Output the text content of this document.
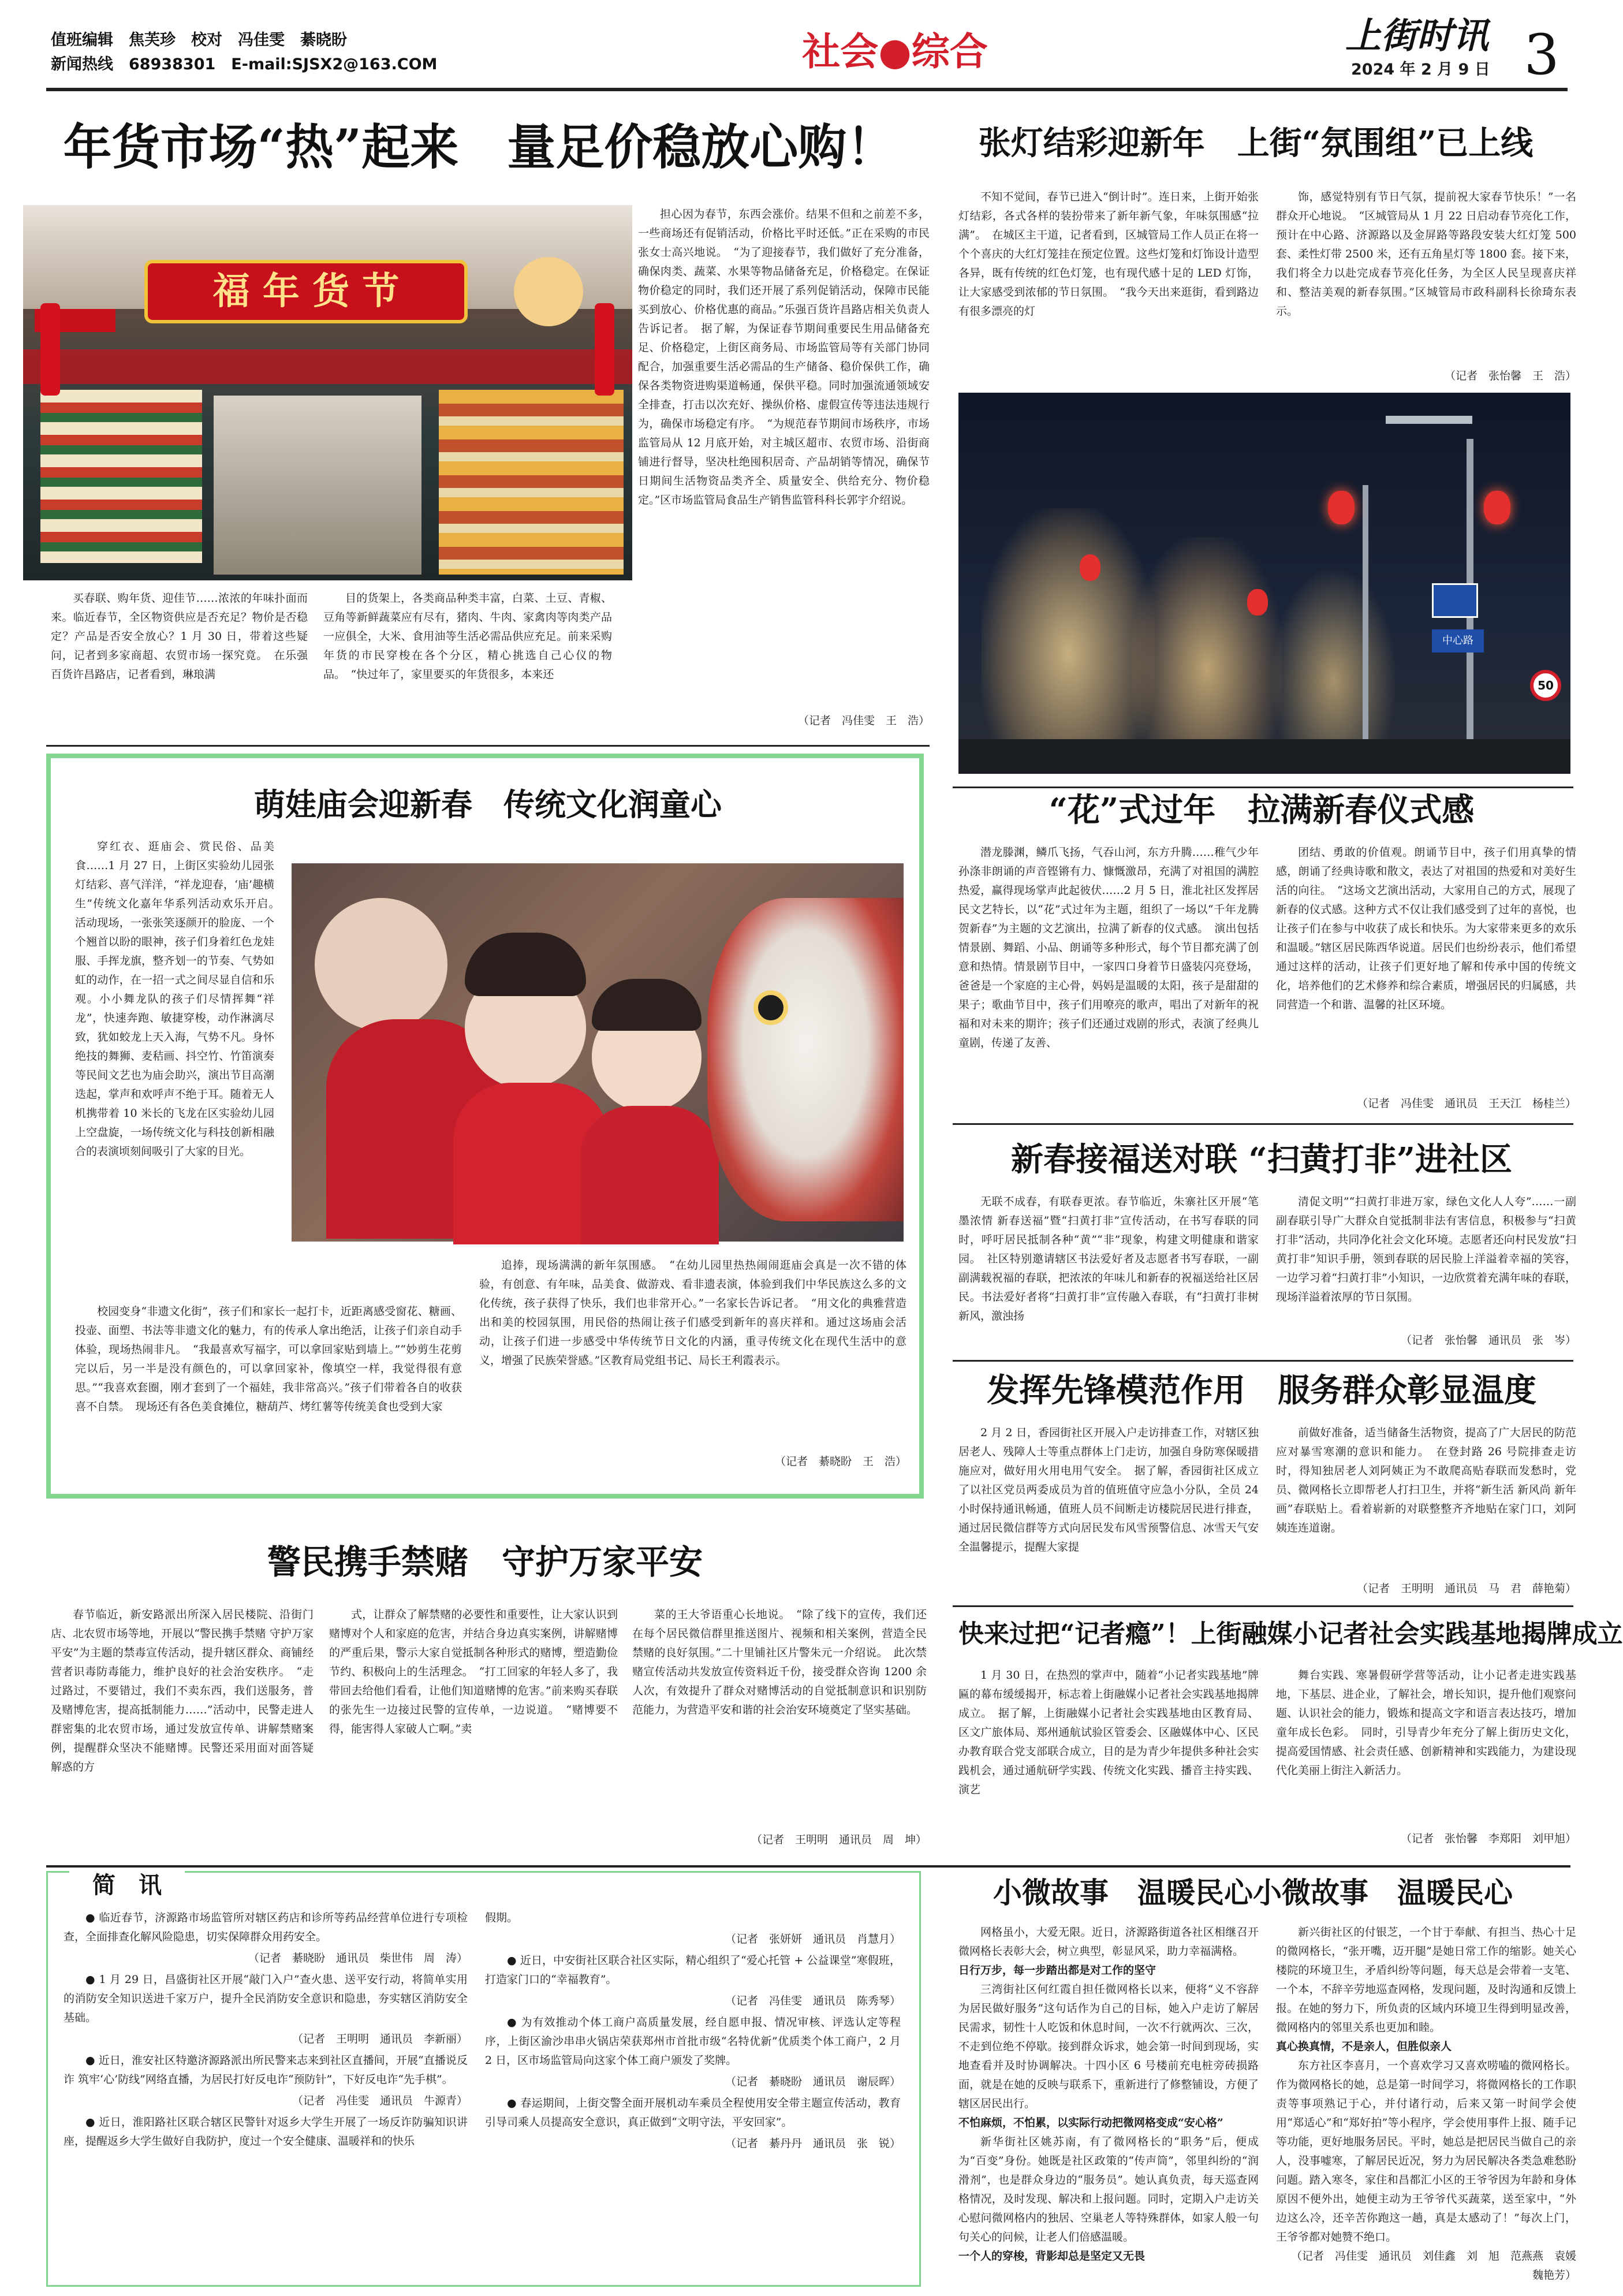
值班编辑　焦芙珍　校对　冯佳雯　綦晓盼
新闻热线　68938301　E-mail:SJSX2@163.COM	社会●综合	上街时讯 3
2024 年 2 月 9 日
年货市场“热”起来　量足价稳放心购！
福 年 货 节

买春联、购年货、迎佳节……浓浓的年味扑面而来。临近春节，全区物资供应是否充足？物价是否稳定？产品是否安全放心？1 月 30 日，带着这些疑问，记者到多家商超、农贸市场一探究竟。　在乐强百货许昌路店，记者看到，琳琅满

目的货架上，各类商品种类丰富，白菜、土豆、青椒、豆角等新鲜蔬菜应有尽有，猪肉、牛肉、家禽肉等肉类产品一应俱全，大米、食用油等生活必需品供应充足。前来采购年货的市民穿梭在各个分区，精心挑选自己心仪的物品。　“快过年了，家里要买的年货很多，本来还

担心因为春节，东西会涨价。结果不但和之前差不多，一些商场还有促销活动，价格比平时还低。”正在采购的市民张女士高兴地说。　“为了迎接春节，我们做好了充分准备，确保肉类、蔬菜、水果等物品储备充足，价格稳定。在保证物价稳定的同时，我们还开展了系列促销活动，保障市民能买到放心、价格优惠的商品。”乐强百货许昌路店相关负责人告诉记者。　据了解，为保证春节期间重要民生用品储备充足、价格稳定，上街区商务局、市场监管局等有关部门协同配合，加强重要生活必需品的生产储备、稳价保供工作，确保各类物资进购渠道畅通，保供平稳。同时加强流通领域安全排查，打击以次充好、操纵价格、虚假宣传等违法违规行为，确保市场稳定有序。　“为规范春节期间市场秩序，市场监管局从 12 月底开始，对主城区超市、农贸市场、沿街商铺进行督导，坚决杜绝囤积居奇、产品胡销等情况，确保节日期间生活物资品类齐全、质量安全、供给充分、物价稳定。”区市场监管局食品生产销售监管科科长郭宇介绍说。

（记者　冯佳雯　王　浩）
张灯结彩迎新年　上街“氛围组”已上线

不知不觉间，春节已进入“倒计时”。连日来，上街开始张灯结彩，各式各样的装扮带来了新年新气象，年味氛围感“拉满”。　在城区主干道，记者看到，区城管局工作人员正在将一个个喜庆的大红灯笼挂在预定位置。这些灯笼和灯饰设计造型各异，既有传统的红色灯笼，也有现代感十足的 LED 灯饰，让大家感受到浓郁的节日氛围。　“我今天出来逛街，看到路边有很多漂亮的灯

饰，感觉特别有节日气氛，提前祝大家春节快乐！”一名群众开心地说。　“区城管局从 1 月 22 日启动春节亮化工作，预计在中心路、济源路以及金屏路等路段安装大红灯笼 500 套、柔性灯带 2500 米，还有五角星灯等 1800 套。接下来，我们将全力以赴完成春节亮化任务，为全区人民呈现喜庆祥和、整洁美观的新春氛围。”区城管局市政科副科长徐琦东表示。

（记者　张怡馨　王　浩）
50
中心路
萌娃庙会迎新春　传统文化润童心

穿红衣、逛庙会、赏民俗、品美食……1 月 27 日，上街区实验幼儿园张灯结彩、喜气洋洋，“祥龙迎春，‘庙’趣横生”传统文化嘉年华系列活动欢乐开启。　活动现场，一张张笑逐颜开的脸庞、一个个翘首以盼的眼神，孩子们身着红色龙娃服、手挥龙旗，整齐划一的节奏、气势如虹的动作，在一招一式之间尽显自信和乐观。小小舞龙队的孩子们尽情挥舞“祥龙”，快速奔跑、敏捷穿梭，动作淋漓尽致，犹如蛟龙上天入海，气势不凡。身怀绝技的舞狮、麦秸画、抖空竹、竹笛演奏等民间文艺也为庙会助兴，演出节目高潮迭起，掌声和欢呼声不绝于耳。随着无人机携带着 10 米长的飞龙在区实验幼儿园上空盘旋，一场传统文化与科技创新相融合的表演顷刻间吸引了大家的目光。

校园变身“非遗文化街”，孩子们和家长一起打卡，近距离感受窗花、糖画、投壶、面塑、书法等非遗文化的魅力，有的传承人拿出绝活，让孩子们亲自动手体验，现场热闹非凡。　“我最喜欢写福字，可以拿回家贴到墙上。”“妙剪生花剪完以后，另一半是没有颜色的，可以拿回家补，像填空一样，我觉得很有意思。”“我喜欢套圈，刚才套到了一个福娃，我非常高兴。”孩子们带着各自的收获喜不自禁。　现场还有各色美食摊位，糖葫芦、烤红薯等传统美食也受到大家

追捧，现场满满的新年氛围感。　“在幼儿园里热热闹闹逛庙会真是一次不错的体验，有创意、有年味，品美食、做游戏、看非遗表演，体验到我们中华民族这么多的文化传统，孩子获得了快乐，我们也非常开心。”一名家长告诉记者。　“用文化的典雅营造出和美的校园氛围，用民俗的热闹让孩子们感受到新年的喜庆祥和。通过这场庙会活动，让孩子们进一步感受中华传统节日文化的内涵，重寻传统文化在现代生活中的意义，增强了民族荣誉感。”区教育局党组书记、局长王利霞表示。

（记者　綦晓盼　王　浩）
“花”式过年　拉满新春仪式感

潜龙滕渊，鳞爪飞扬，气吞山河，东方升腾……稚气少年孙涤非朗诵的声音铿锵有力、慷慨激昂，充满了对祖国的满腔热爱，赢得现场掌声此起彼伏……2 月 5 日，淮北社区发挥居民文艺特长，以“花”式过年为主题，组织了一场以“千年龙腾贺新春”为主题的文艺演出，拉满了新春的仪式感。　演出包括情景剧、舞蹈、小品、朗诵等多种形式，每个节目都充满了创意和热情。情景剧节目中，一家四口身着节日盛装闪亮登场，爸爸是一个家庭的主心骨，妈妈是温暖的太阳，孩子是甜甜的果子；歌曲节目中，孩子们用嘹亮的歌声，唱出了对新年的祝福和对未来的期许；孩子们还通过戏剧的形式，表演了经典儿童剧，传递了友善、

团结、勇敢的价值观。朗诵节目中，孩子们用真挚的情感，朗诵了经典诗歌和散文，表达了对祖国的热爱和对美好生活的向往。　“这场文艺演出活动，大家用自己的方式，展现了新春的仪式感。这种方式不仅让我们感受到了过年的喜悦，也让孩子们在参与中收获了成长和快乐。为大家带来更多的欢乐和温暖。”辖区居民陈西华说道。居民们也纷纷表示，他们希望通过这样的活动，让孩子们更好地了解和传承中国的传统文化，培养他们的艺术修养和综合素质，增强居民的归属感，共同营造一个和谐、温馨的社区环境。

（记者　冯佳雯　通讯员　王天江　杨桂兰）
新春接福送对联 “扫黄打非”进社区

无联不成春，有联春更浓。春节临近，朱寨社区开展“笔墨浓情 新春送福”暨“扫黄打非”宣传活动，在书写春联的同时，呼吁居民抵制各种“黄”“非”现象，构建文明健康和谐家园。　社区特别邀请辖区书法爱好者及志愿者书写春联，一副副满载祝福的春联，把浓浓的年味儿和新春的祝福送给社区居民。书法爱好者将“扫黄打非”宣传融入春联，有“扫黄打非树新风，激浊扬

清促文明”“扫黄打非进万家，绿色文化人人夸”……一副副春联引导广大群众自觉抵制非法有害信息，积极参与“扫黄打非”活动，共同净化社会文化环境。志愿者还向村民发放“扫黄打非”知识手册，领到春联的居民脸上洋溢着幸福的笑容，一边学习着“扫黄打非”小知识，一边欣赏着充满年味的春联，现场洋溢着浓厚的节日氛围。

（记者　张怡馨　通讯员　张　岑）
发挥先锋模范作用　服务群众彰显温度

2 月 2 日，香园街社区开展入户走访排查工作，对辖区独居老人、残障人士等重点群体上门走访，加强自身防寒保暖措施应对，做好用火用电用气安全。　据了解，香园街社区成立了以社区党员两委成员为首的值班值守应急小分队，全员 24 小时保持通讯畅通，值班人员不间断走访楼院居民进行排查，通过居民微信群等方式向居民发布风雪预警信息、冰雪天气安全温馨提示，提醒大家提

前做好准备，适当储备生活物资，提高了广大居民的防范应对暴雪寒潮的意识和能力。　在登封路 26 号院排查走访时，得知独居老人刘阿姨正为不敢爬高贴春联而发愁时，党员、微网格长立即帮老人打扫卫生，并将“新生活 新风尚 新年画”春联贴上。看着崭新的对联整整齐齐地贴在家门口，刘阿姨连连道谢。

（记者　王明明　通讯员　马　君　薛艳菊）
警民携手禁赌　守护万家平安

春节临近，新安路派出所深入居民楼院、沿街门店、北农贸市场等地，开展以“警民携手禁赌 守护万家平安”为主题的禁毒宣传活动，提升辖区群众、商铺经营者识毒防毒能力，维护良好的社会治安秩序。　“走过路过，不要错过，我们不卖东西，我们送服务，普及赌博危害，提高抵制能力……”活动中，民警走进人群密集的北农贸市场，通过发放宣传单、讲解禁赌案例，提醒群众坚决不能赌博。民警还采用面对面答疑解惑的方

式，让群众了解禁赌的必要性和重要性，让大家认识到赌博对个人和家庭的危害，并结合身边真实案例，讲解赌博的严重后果，警示大家自觉抵制各种形式的赌博，塑造勤俭节约、积极向上的生活理念。　“打工回家的年轻人多了，我带回去给他们看看，让他们知道赌博的危害。”前来购买春联的张先生一边接过民警的宣传单，一边说道。　“赌博要不得，能害得人家破人亡啊。”卖

菜的王大爷语重心长地说。　“除了线下的宣传，我们还在每个居民微信群里推送图片、视频和相关案例，营造全民禁赌的良好氛围。”二十里铺社区片警朱元一介绍说。　此次禁赌宣传活动共发放宣传资料近千份，接受群众咨询 1200 余人次，有效提升了群众对赌博活动的自觉抵制意识和识别防范能力，为营造平安和谐的社会治安环境奠定了坚实基础。

（记者　王明明　通讯员　周　坤）
快来过把“记者瘾”！上街融媒小记者社会实践基地揭牌成立

1 月 30 日，在热烈的掌声中，随着“小记者实践基地”牌匾的幕布缓缓揭开，标志着上街融媒小记者社会实践基地揭牌成立。　据了解，上街融媒小记者社会实践基地由区教育局、区文广旅体局、郑州通航试验区管委会、区融媒体中心、区民办教育联合党支部联合成立，目的是为青少年提供多种社会实践机会，通过通航研学实践、传统文化实践、播音主持实践、演艺

舞台实践、寒暑假研学营等活动，让小记者走进实践基地，下基层、进企业，了解社会，增长知识，提升他们观察问题、认识社会的能力，锻炼和提高文字和语言表达技巧，增加童年成长色彩。　同时，引导青少年充分了解上街历史文化，提高爱国情感、社会责任感、创新精神和实践能力，为建设现代化美丽上街注入新活力。

（记者　张怡馨　李郑阳　刘甲旭）
简　讯

● 临近春节，济源路市场监管所对辖区药店和诊所等药品经营单位进行专项检查，全面排查化解风险隐患，切实保障群众用药安全。

（记者　綦晓盼　通讯员　柴世伟　周　涛）

● 1 月 29 日，昌盛街社区开展“敲门入户”查火患、送平安行动，将简单实用的消防安全知识送进千家万户，提升全民消防安全意识和隐患，夯实辖区消防安全基础。

（记者　王明明　通讯员　李新丽）

● 近日，淮安社区特邀济源路派出所民警来志来到社区直播间，开展“直播说反诈 筑牢‘心’防线”网络直播，为居民打好反电诈“预防针”，下好反电诈“先手棋”。

（记者　冯佳雯　通讯员　牛源青）

● 近日，淮阳路社区联合辖区民警针对返乡大学生开展了一场反诈防骗知识讲座，提醒返乡大学生做好自我防护，度过一个安全健康、温暖祥和的快乐

假期。

（记者　张妍妍　通讯员　肖慧月）

● 近日，中安街社区联合社区实际，精心组织了“爱心托管 + 公益课堂”寒假班，打造家门口的“幸福教育”。

（记者　冯佳雯　通讯员　陈秀琴）

● 为有效推动个体工商户高质量发展，经自愿申报、情况审核、评选认定等程序，上街区渝沙串串火锅店荣获郑州市首批市级“名特优新”优质类个体工商户，2 月 2 日，区市场监管局向这家个体工商户颁发了奖牌。

（记者　綦晓盼　通讯员　谢辰晖）

● 春运期间，上街交警全面开展机动车乘员全程使用安全带主题宣传活动，教育引导司乘人员提高安全意识，真正做到“文明守法，平安回家”。

（记者　綦丹丹　通讯员　张　锐）

小微故事　温暖民心小微故事　温暖民心

网格虽小，大爱无限。近日，济源路街道各社区相继召开微网格长表彰大会，树立典型，彰显风采，助力幸福满格。

日行万步，每一步踏出都是对工作的坚守

三湾街社区何红霞自担任微网格长以来，便将“义不容辞为居民做好服务”这句话作为自己的目标，她入户走访了解居民需求，韧性十人吃饭和休息时间，一次不行就两次、三次，不走到位绝不停歇。接到群众诉求，她会第一时间到现场，实地查看并及时协调解决。十四小区 6 号楼前充电桩旁砖损路面，就是在她的反映与联系下，重新进行了修整铺设，方便了辖区居民出行。

不怕麻烦，不怕累，以实际行动把微网格变成“安心格”

新华街社区姚苏南，有了微网格长的“职务”后，便成为“百变”身份。她既是社区政策的“传声筒”，邻里纠纷的“润滑剂”，也是群众身边的“服务员”。她认真负责，每天巡查网格情况，及时发现、解决和上报问题。同时，定期入户走访关心慰问微网格内的独居、空巢老人等特殊群体，如家人般一句句关心的问候，让老人们倍感温暖。

一个人的穿梭，背影却总是坚定又无畏

新兴街社区的付银芝，一个甘于奉献、有担当、热心十足的微网格长，“张开嘴，迈开腿”是她日常工作的缩影。她关心楼院的环境卫生，矛盾纠纷等问题，每天总是会带着一支笔、一个本，不辞辛劳地巡查网格，发现问题，及时沟通和反馈上报。在她的努力下，所负责的区域内环境卫生得到明显改善，微网格内的邻里关系也更加和睦。

真心换真情，不是亲人，但胜似亲人

东方社区李喜月，一个喜欢学习又喜欢唠嗑的微网格长。作为微网格长的她，总是第一时间学习，将微网格长的工作职责等事项熟记于心，并付诸行动，后来又第一时间学会使用“郑适心”和“郑好拍”等小程序，学会使用事件上报、随手记等功能，更好地服务居民。平时，她总是把居民当做自己的亲人，没事嘘寒，了解居民近况，努力为居民解决各类急难愁盼问题。踏入寒冬，家住和昌都汇小区的王爷爷因为年龄和身体原因不便外出，她便主动为王爷爷代买蔬菜，送至家中，“外边这么冷，还辛苦你跑这一趟，真是太感动了！”每次上门，王爷爷都对她赞不绝口。

（记者　冯佳雯　通讯员　刘佳鑫　刘　旭　范燕燕　袁媛　魏艳芳）
